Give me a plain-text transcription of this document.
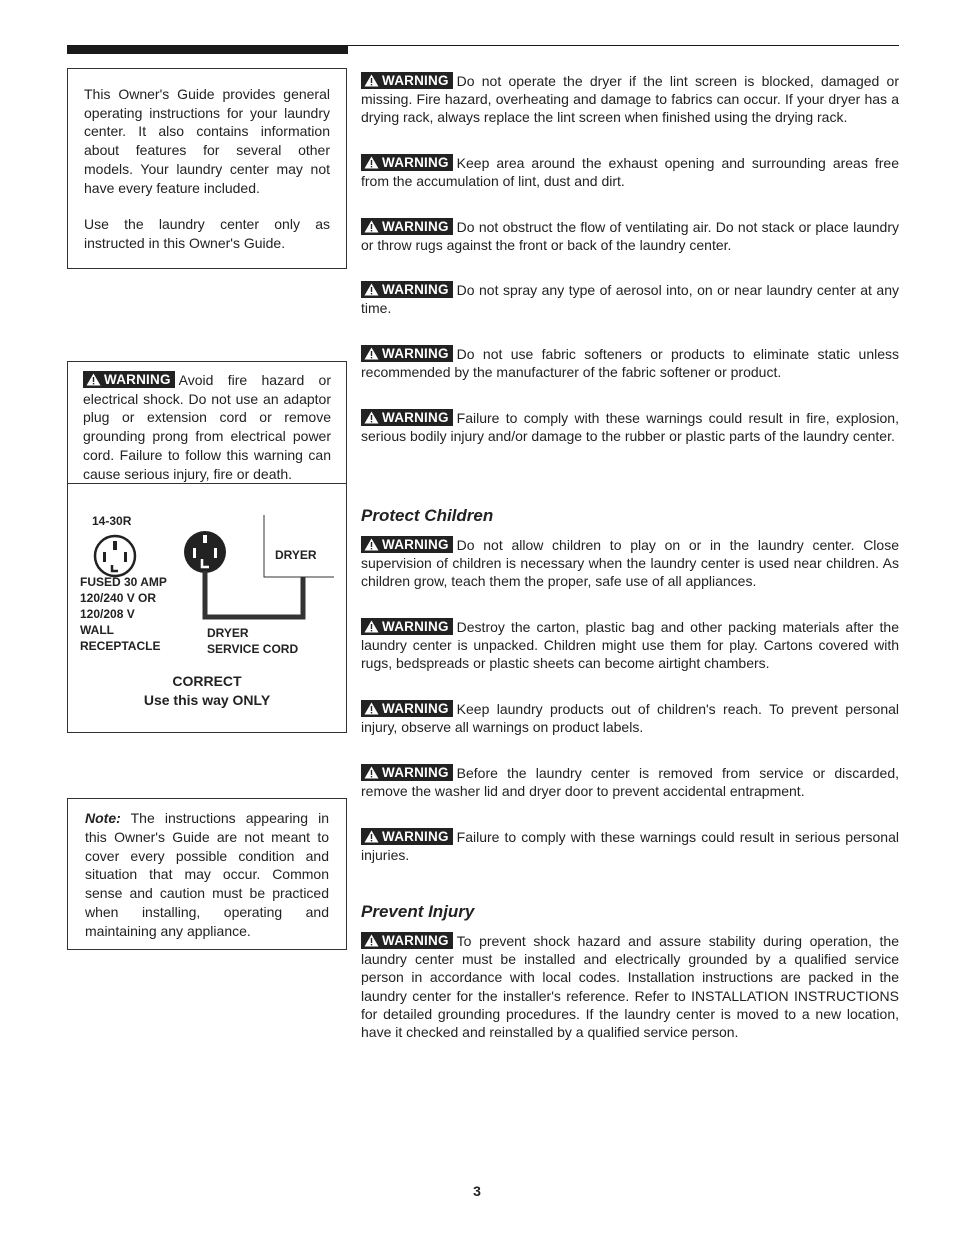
This Owner's Guide provides general operating instructions for your laundry center. It also contains information about features for several other models. Your laundry center may not have every feature included.

Use the laundry center only as instructed in this Owner's Guide.

WARNING Avoid fire hazard or electrical shock. Do not use an adaptor plug or extension cord or remove grounding prong from electrical power cord. Failure to follow this warning can cause serious injury, fire or death.

14-30R
DRYER
FUSED 30 AMP
120/240 V OR
120/208 V
WALL
RECEPTACLE
DRYER
SERVICE CORD
CORRECT
Use this way ONLY

Note: The instructions appearing in this Owner's Guide are not meant to cover every possible condition and situation that may occur. Common sense and caution must be practiced when installing, operating and maintaining any appliance.

WARNING Do not operate the dryer if the lint screen is blocked, damaged or missing. Fire hazard, overheating and damage to fabrics can occur. If your dryer has a drying rack, always replace the lint screen when finished using the drying rack.

WARNING Keep area around the exhaust opening and surrounding areas free from the accumulation of lint, dust and dirt.

WARNING Do not obstruct the flow of ventilating air. Do not stack or place laundry or throw rugs against the front or back of the laundry center.

WARNING Do not spray any type of aerosol into, on or near laundry center at any time.

WARNING Do not use fabric softeners or products to eliminate static unless recommended by the manufacturer of the fabric softener or product.

WARNING Failure to comply with these warnings could result in fire, explosion, serious bodily injury and/or damage to the rubber or plastic parts of the laundry center.

Protect Children

WARNING Do not allow children to play on or in the laundry center. Close supervision of children is necessary when the laundry center is used near children. As children grow, teach them the proper, safe use of all appliances.

WARNING Destroy the carton, plastic bag and other packing materials after the laundry center is unpacked. Children might use them for play. Cartons covered with rugs, bedspreads or plastic sheets can become airtight chambers.

WARNING Keep laundry products out of children's reach. To prevent personal injury, observe all warnings on product labels.

WARNING Before the laundry center is removed from service or discarded, remove the washer lid and dryer door to prevent accidental entrapment.

WARNING Failure to comply with these warnings could result in serious personal injuries.

Prevent Injury

WARNING To prevent shock hazard and assure stability during operation, the laundry center must be installed and electrically grounded by a qualified service person in accordance with local codes. Installation instructions are packed in the laundry center for the installer's reference. Refer to INSTALLATION INSTRUCTIONS for detailed grounding procedures. If the laundry center is moved to a new location, have it checked and reinstalled by a qualified service person.

3
